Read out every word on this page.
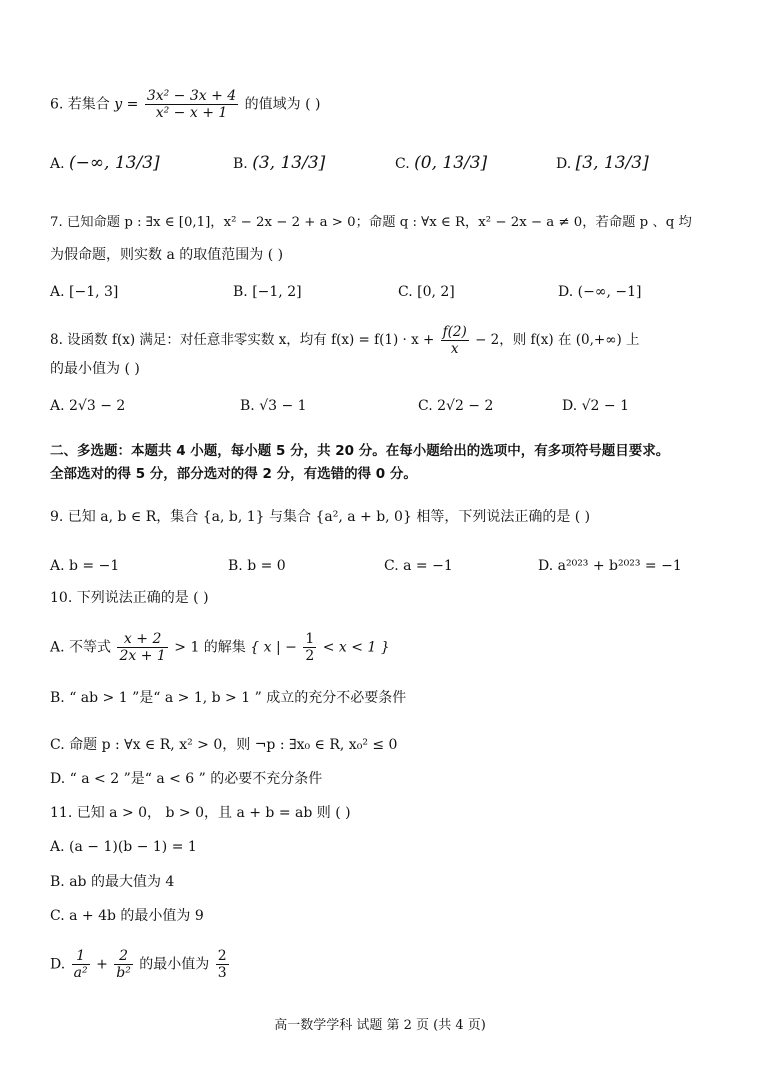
6. 若集合 $y = \frac{\text{3x² − 3x + 4}}{\text{x² − x + 1}}$ 的值域为 ( )
A. (−∞, 13/3]	B. (3, 13/3]	C. (0, 13/3]	D. [3, 13/3]
7. 已知命题 p : ∃x ∈ [0,1]，x² − 2x − 2 + a > 0；命题 q : ∀x ∈ R，x² − 2x − a ≠ 0，若命题 p 、q 均
为假命题，则实数 a 的取值范围为 ( )
A. [−1, 3]	B. [−1, 2]	C. [0, 2]	D. (−∞, −1]
8. 设函数 f(x) 满足：对任意非零实数 x，均有 $f(x) = f(1) \cdot x + \frac{f(2)}{x} - 2$，则 f(x) 在 (0,+∞) 上
的最小值为 ( )
A. 2√3 − 2	B. √3 − 1	C. 2√2 − 2	D. √2 − 1
二、多选题：本题共 4 小题，每小题 5 分，共 20 分。在每小题给出的选项中，有多项符号题目要求。
全部选对的得 5 分，部分选对的得 2 分，有选错的得 0 分。
9. 已知 a, b ∈ R，集合 {a, b, 1} 与集合 {a², a + b, 0} 相等，下列说法正确的是 ( )
A. b = −1	B. b = 0	C. a = −1	D. a²⁰²³ + b²⁰²³ = −1
10. 下列说法正确的是 ( )
A. 不等式 $\frac{x + 2}{2x + 1} > 1$ 的解集 { x | − $\frac{1}{2} < x < 1$ }
B. “ ab > 1 ”是“ a > 1, b > 1 ” 成立的充分不必要条件
C. 命题 p : ∀x ∈ R, x² > 0，则 ¬p : ∃x₀ ∈ R, x₀² ≤ 0
D. “ a < 2 ”是“ a < 6 ” 的必要不充分条件
11. 已知 a > 0， b > 0，且 a + b = ab 则 ( )
A. (a − 1)(b − 1) = 1
B. ab 的最大值为 4
C. a + 4b 的最小值为 9
D. $\frac{1}{\text{a²}} + \frac{2}{\text{b²}}$ 的最小值为 $\frac{2}{3}$
高一数学学科 试题 第 2 页 (共 4 页)
